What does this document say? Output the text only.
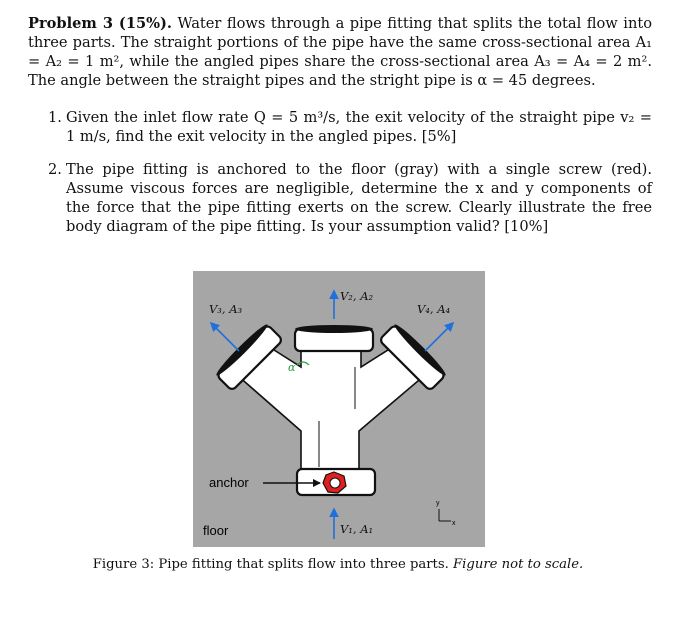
Problem 3 (15%). Water flows through a pipe fitting that splits the total flow into three parts. The straight portions of the pipe have the same cross-sectional area A₁ = A₂ = 1 m², while the angled pipes share the cross-sectional area A₃ = A₄ = 2 m². The angle between the straight pipes and the stright pipe is α = 45 degrees.
1. Given the inlet flow rate Q = 5 m³/s, the exit velocity of the straight pipe v₂ = 1 m/s, find the exit velocity in the angled pipes. [5%]
2. The pipe fitting is anchored to the floor (gray) with a single screw (red). Assume viscous forces are negligible, determine the x and y components of the force that the pipe fitting exerts on the screw. Clearly illustrate the free body diagram of the pipe fitting. Is your assumption valid? [10%]
α
anchor
floor
V₂, A₂
V₃, A₃	V₄, A₄
V₁, A₁
y
x
Figure 3: Pipe fitting that splits flow into three parts. Figure not to scale.
